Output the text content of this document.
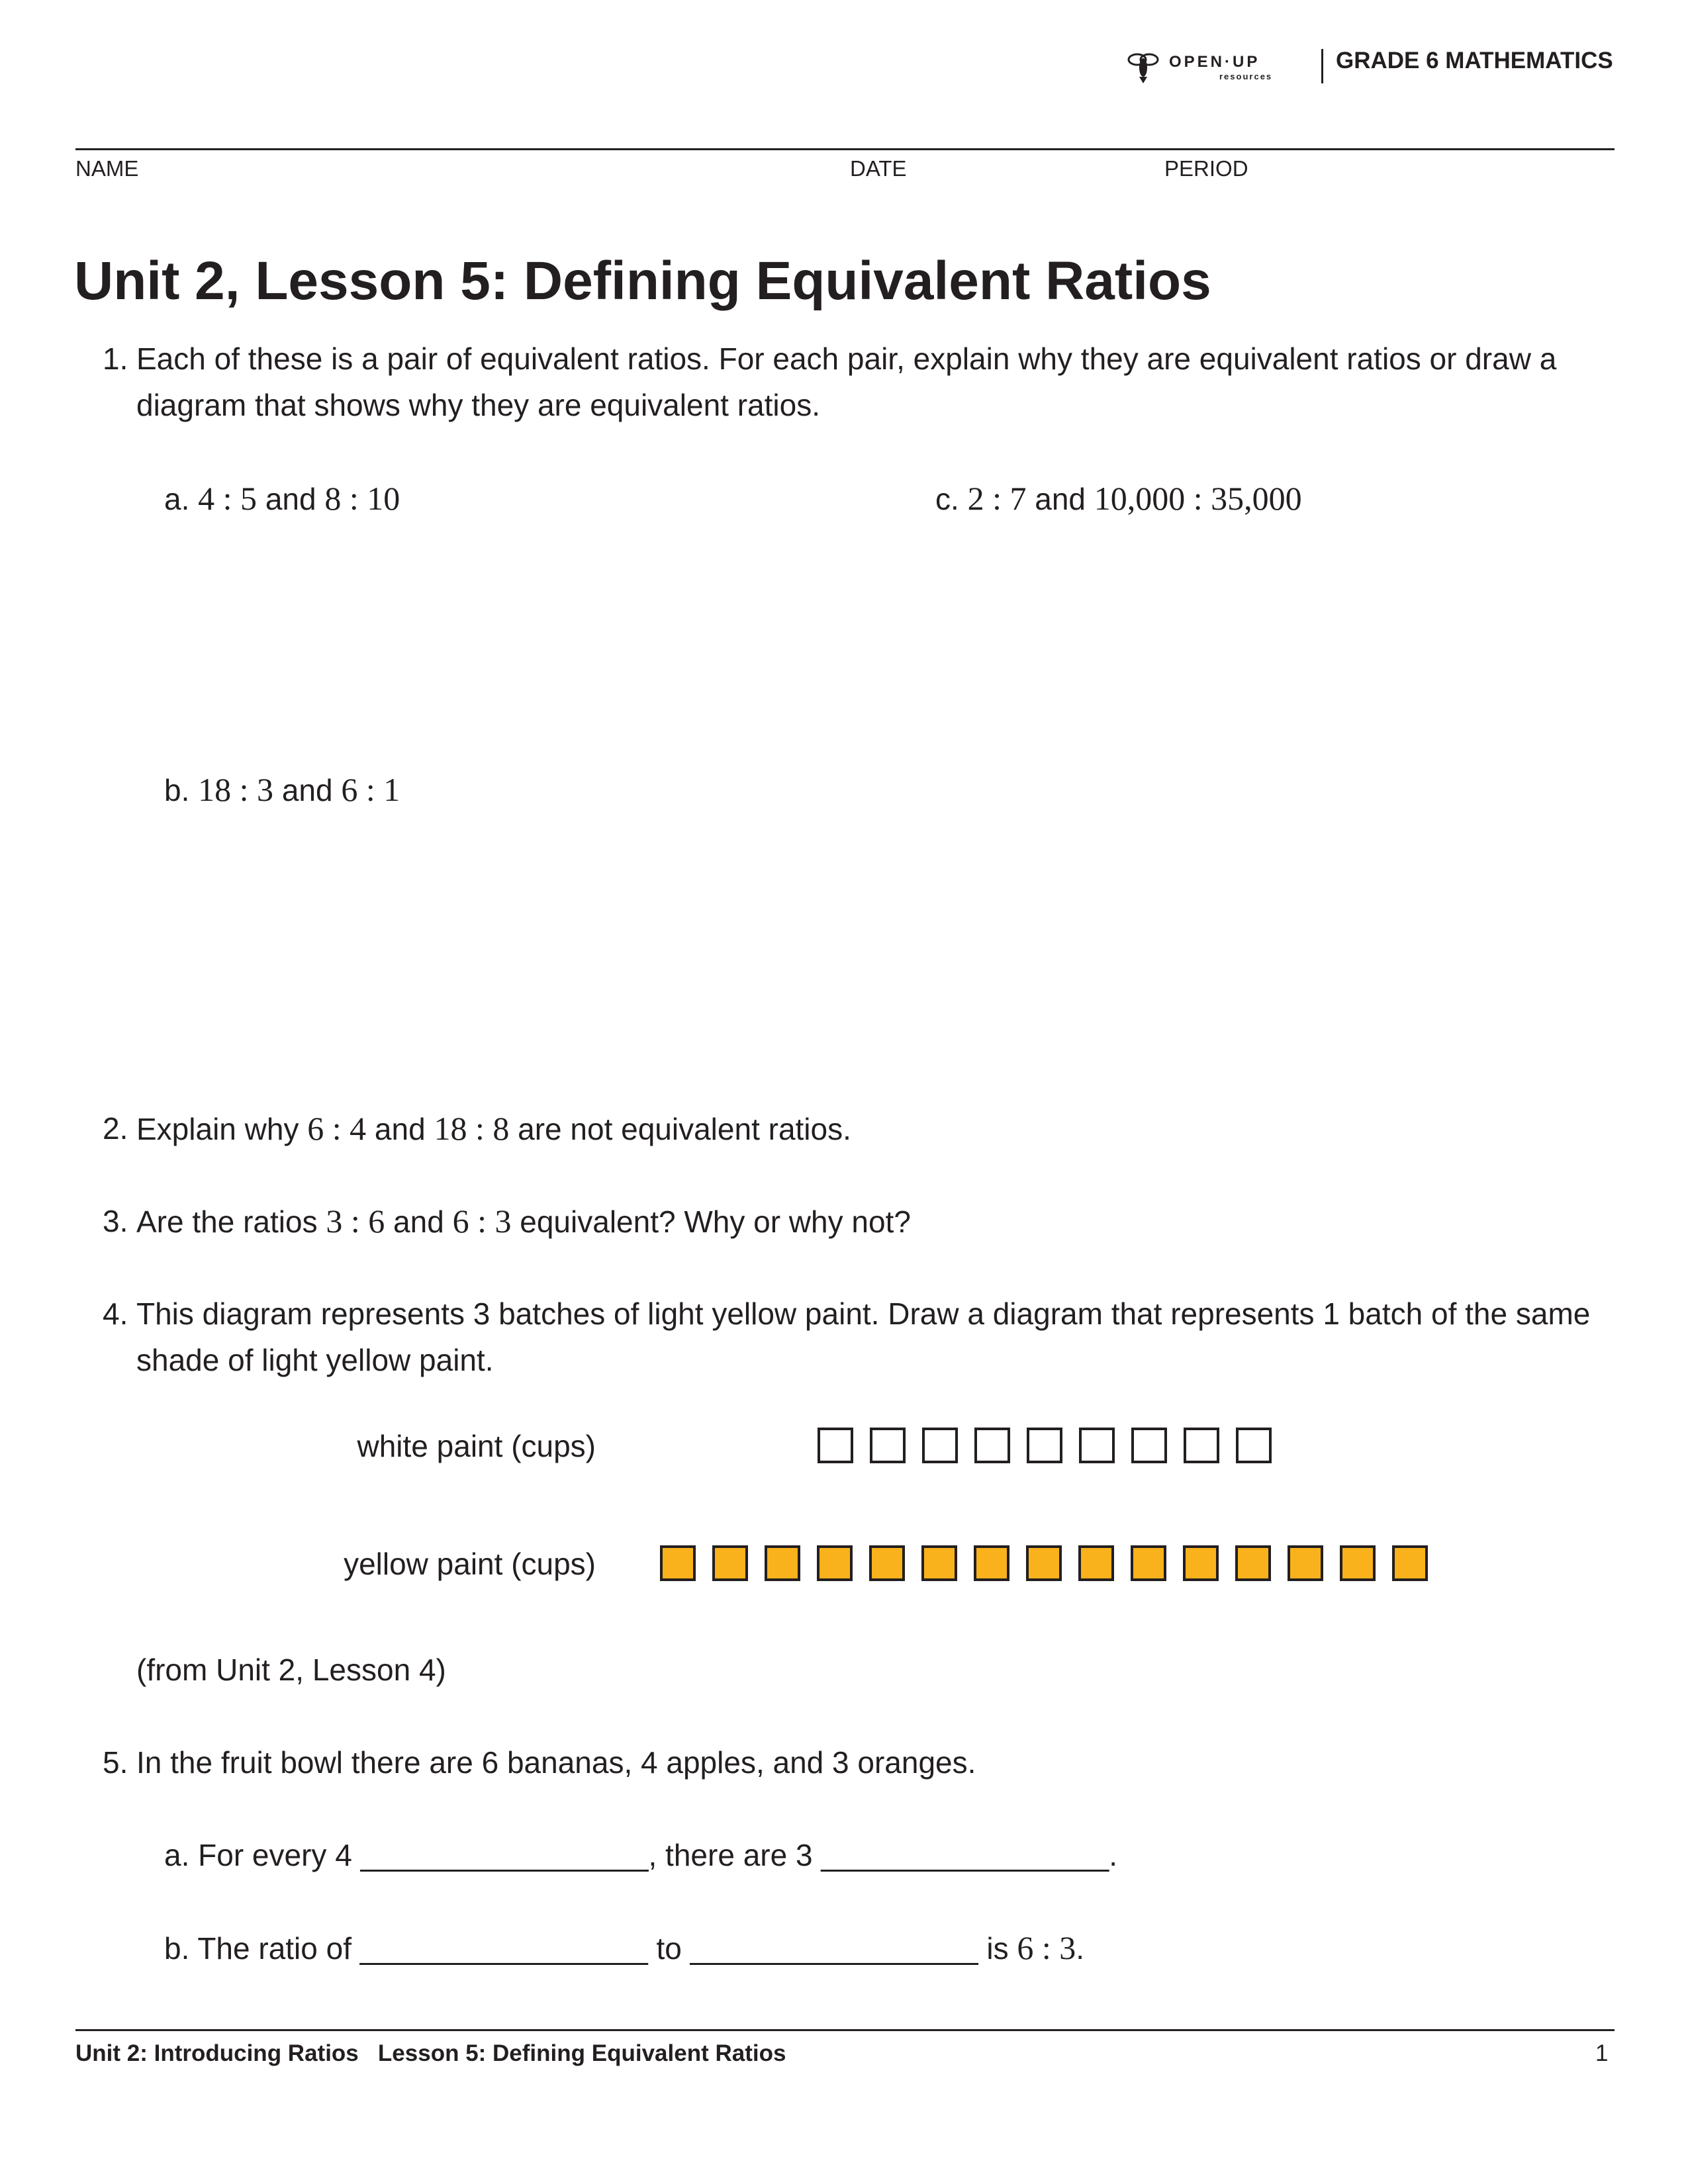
OPEN·UP
resources
GRADE 6 MATHEMATICS
NAME	DATE	PERIOD
Unit 2, Lesson 5: Defining Equivalent Ratios
1. Each of these is a pair of equivalent ratios. For each pair, explain why they are equivalent ratios or draw a diagram that shows why they are equivalent ratios.
a. 4 : 5 and 8 : 10	c. 2 : 7 and 10,000 : 35,000
b. 18 : 3 and 6 : 1
2. Explain why 6 : 4 and 18 : 8 are not equivalent ratios.
3. Are the ratios 3 : 6 and 6 : 3 equivalent? Why or why not?
4. This diagram represents 3 batches of light yellow paint. Draw a diagram that represents 1 batch of the same shade of light yellow paint.
white paint (cups)
yellow paint (cups)
(from Unit 2, Lesson 4)
5. In the fruit bowl there are 6 bananas, 4 apples, and 3 oranges.
a. For every 4 _________________, there are 3 _________________.
b. The ratio of _________________ to _________________ is 6 : 3.
Unit 2: Introducing Ratios   Lesson 5: Defining Equivalent Ratios	1
